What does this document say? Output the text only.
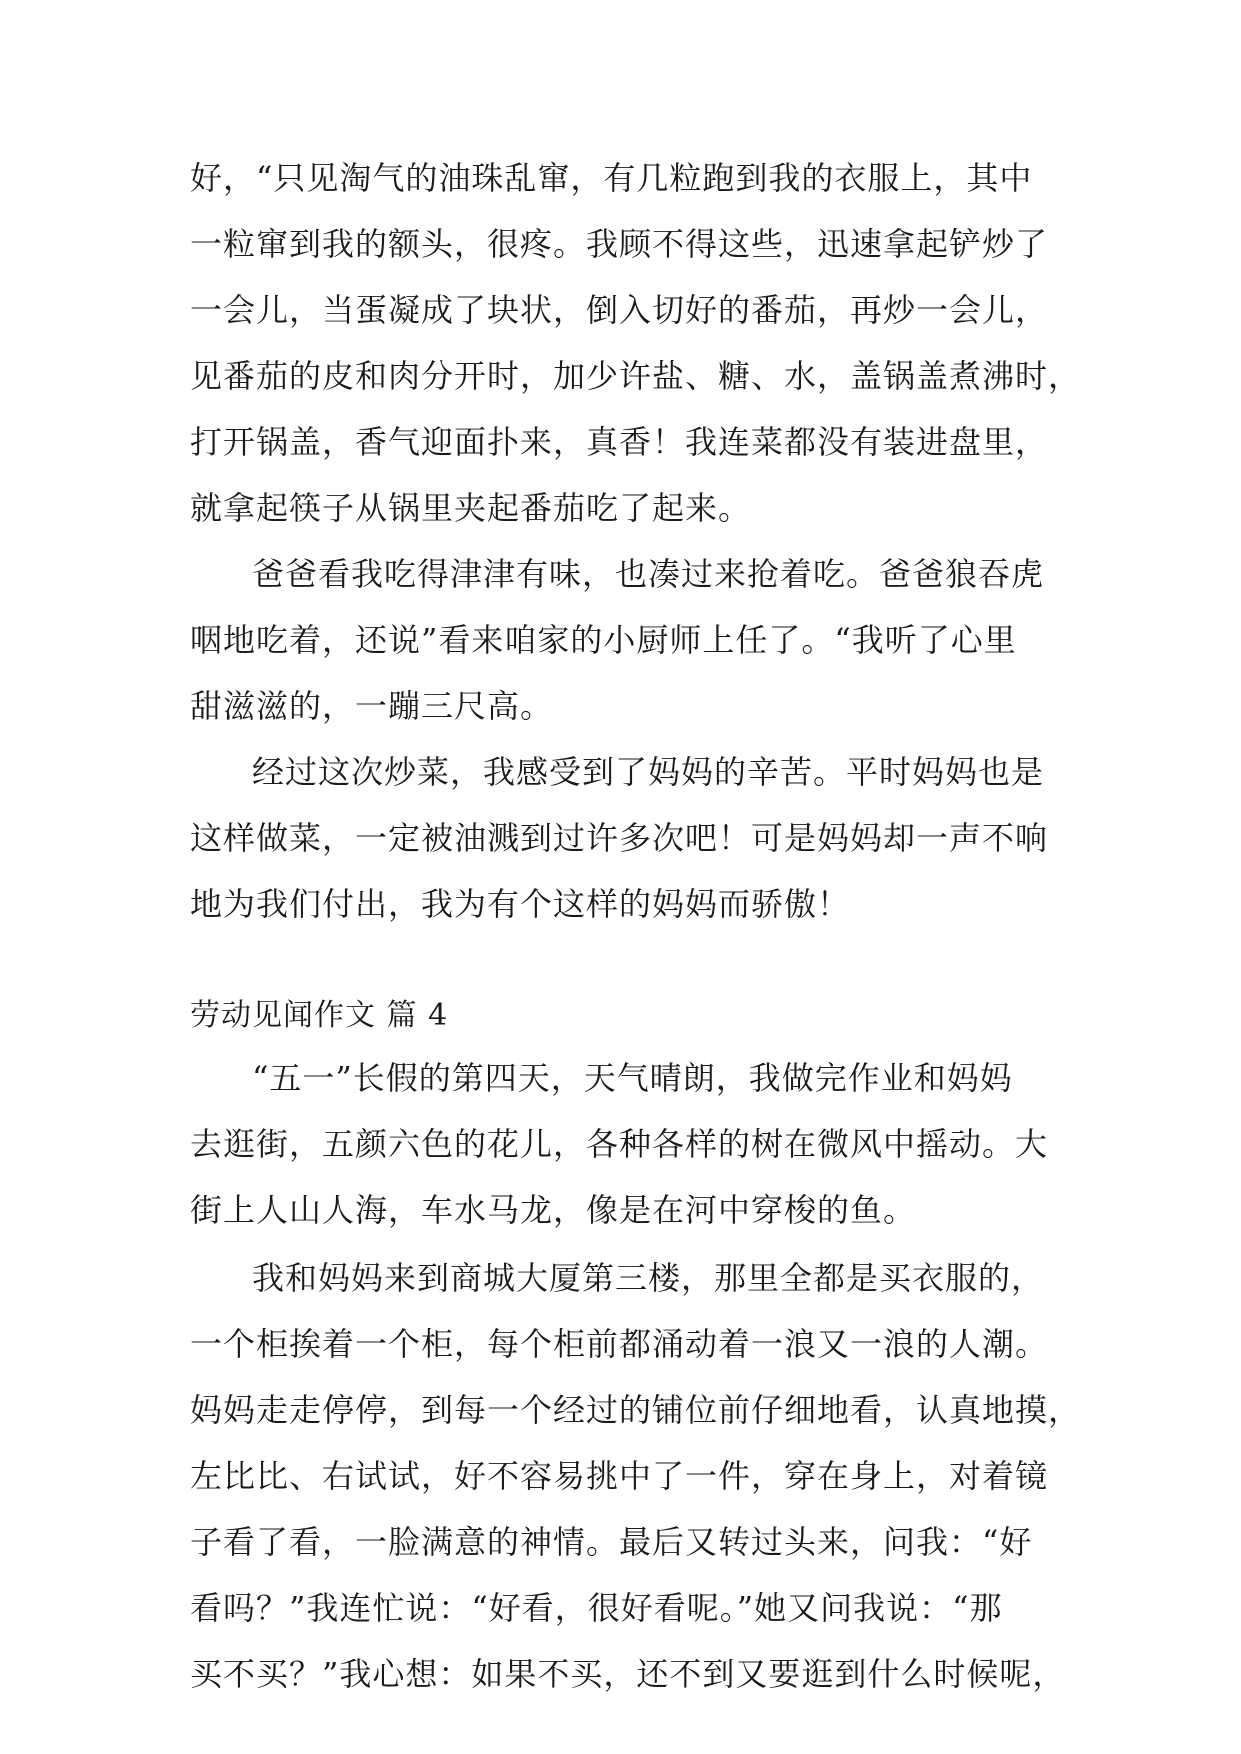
好，“只见淘气的油珠乱窜，有几粒跑到我的衣服上，其中
一粒窜到我的额头，很疼。我顾不得这些，迅速拿起铲炒了
一会儿，当蛋凝成了块状，倒入切好的番茄，再炒一会儿，
见番茄的皮和肉分开时，加少许盐、糖、水，盖锅盖煮沸时，
打开锅盖，香气迎面扑来，真香！我连菜都没有装进盘里，
就拿起筷子从锅里夹起番茄吃了起来。
爸爸看我吃得津津有味，也凑过来抢着吃。爸爸狼吞虎
咽地吃着，还说”看来咱家的小厨师上任了。“我听了心里
甜滋滋的，一蹦三尺高。
经过这次炒菜，我感受到了妈妈的辛苦。平时妈妈也是
这样做菜，一定被油溅到过许多次吧！可是妈妈却一声不响
地为我们付出，我为有个这样的妈妈而骄傲！
劳动见闻作文 篇 4
“五一”长假的第四天，天气晴朗，我做完作业和妈妈
去逛街，五颜六色的花儿，各种各样的树在微风中摇动。大
街上人山人海，车水马龙，像是在河中穿梭的鱼。
我和妈妈来到商城大厦第三楼，那里全都是买衣服的，
一个柜挨着一个柜，每个柜前都涌动着一浪又一浪的人潮。
妈妈走走停停，到每一个经过的铺位前仔细地看，认真地摸，
左比比、右试试，好不容易挑中了一件，穿在身上，对着镜
子看了看，一脸满意的神情。最后又转过头来，问我：“好
看吗？”我连忙说：“好看，很好看呢。”她又问我说：“那
买不买？”我心想：如果不买，还不到又要逛到什么时候呢，
